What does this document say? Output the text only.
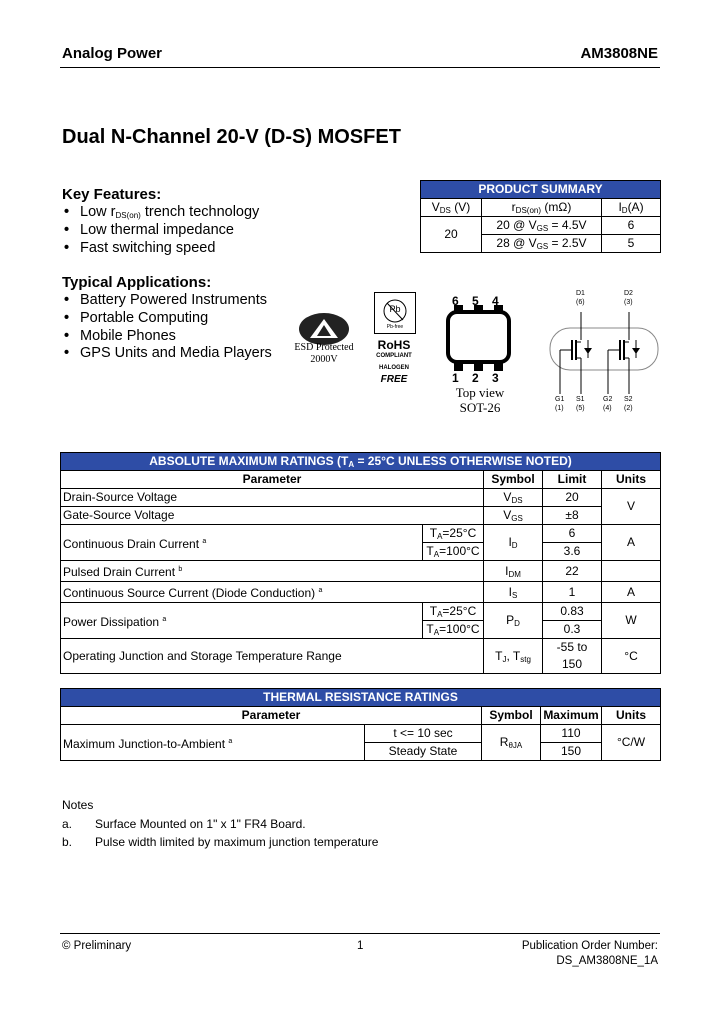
Analog Power	AM3808NE
Dual N-Channel 20-V (D-S) MOSFET
Key Features:
• Low $r_{DS(on)}$ trench technology
• Low thermal impedance
• Fast switching speed
Typical Applications:
• Battery Powered Instruments
• Portable Computing
• Mobile Phones
• GPS Units and Media Players
PRODUCT SUMMARY		
$V_{DS}$ (V)	$r_{DS(on)}$ (mΩ)	$I_D(A)$
20	20 @ $V_{GS} = 4.5V$	6
	28 @ $V_{GS} = 2.5V$	5
ESD Protected
2000V
Pb
Pb-free
RoHS
COMPLIANT
HALOGEN
FREE
6 5 4
1 2 3
Top view
SOT-26
D1
(6)
D2
(3)
G1
(1)
S1
(5)
G2
(4)
S2
(2)
ABSOLUTE MAXIMUM RATINGS ($T_A = 25^\circ C$ UNLESS OTHERWISE NOTED)				
Parameter		Symbol	Limit	Units
Drain-Source Voltage		$V_{DS}$	20	V
Gate-Source Voltage		$V_{GS}$	±8	
Continuous Drain Current $^a$	$T_A=25^\circ C$	$I_D$	6	A
	$T_A=100^\circ C$		3.6	
Pulsed Drain Current $^b$		$I_{DM}$	22	
Continuous Source Current (Diode Conduction) $^a$		$I_S$	1	A
Power Dissipation $^a$	$T_A=25^\circ C$	$P_D$	0.83	W
	$T_A=100^\circ C$		0.3	
Operating Junction and Storage Temperature Range		$T_J$, $T_{stg}$	-55 to 150	°C
THERMAL RESISTANCE RATINGS				
Parameter		Symbol	Maximum	Units
Maximum Junction-to-Ambient $^a$	t <= 10 sec	$R_{\theta JA}$	110	°C/W
	Steady State		150	
Notes
a. Surface Mounted on 1" x 1" FR4 Board.
b. Pulse width limited by maximum junction temperature
© Preliminary	1	Publication Order Number:
DS_AM3808NE_1A
